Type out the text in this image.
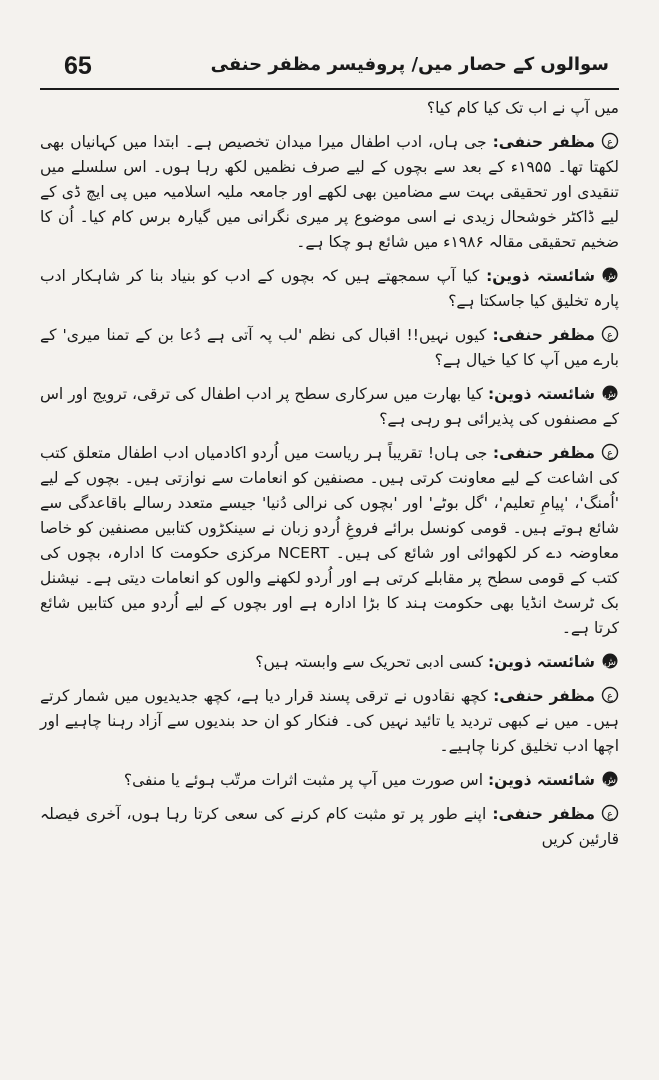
65	سوالوں کے حصار میں/ پروفیسر مظفر حنفی

میں آپ نے اب تک کیا کام کیا؟

ع
مظفر حنفی: جی ہاں، ادب اطفال میرا میدان تخصیص ہے۔ ابتدا میں کہانیاں بھی لکھتا تھا۔ ۱۹۵۵ء کے بعد سے بچوں کے لیے صرف نظمیں لکھ رہا ہوں۔ اس سلسلے میں تنقیدی اور تحقیقی بہت سے مضامین بھی لکھے اور جامعہ ملیہ اسلامیہ میں پی ایچ ڈی کے لیے ڈاکٹر خوشحال زیدی نے اسی موضوع پر میری نگرانی میں گیارہ برس کام کیا۔ اُن کا ضخیم تحقیقی مقالہ ۱۹۸۶ء میں شائع ہو چکا ہے۔

ش
شائستہ ذوین: کیا آپ سمجھتے ہیں کہ بچوں کے ادب کو بنیاد بنا کر شاہکار ادب پارہ تخلیق کیا جاسکتا ہے؟

ع
مظفر حنفی: کیوں نہیں!! اقبال کی نظم 'لب پہ آتی ہے دُعا بن کے تمنا میری' کے بارے میں آپ کا کیا خیال ہے؟

ش
شائستہ ذوین: کیا بھارت میں سرکاری سطح پر ادب اطفال کی ترقی، ترویج اور اس کے مصنفوں کی پذیرائی ہو رہی ہے؟

ع
مظفر حنفی: جی ہاں! تقریباً ہر ریاست میں اُردو اکادمیاں ادب اطفال متعلق کتب کی اشاعت کے لیے معاونت کرتی ہیں۔ مصنفین کو انعامات سے نوازتی ہیں۔ بچوں کے لیے 'اُمنگ'، 'پیامِ تعلیم'، 'گل بوٹے' اور 'بچوں کی نرالی دُنیا' جیسے متعدد رسالے باقاعدگی سے شائع ہوتے ہیں۔ قومی کونسل برائے فروغِ اُردو زبان نے سینکڑوں کتابیں مصنفین کو خاصا معاوضہ دے کر لکھوائی اور شائع کی ہیں۔ NCERT مرکزی حکومت کا ادارہ، بچوں کی کتب کے قومی سطح پر مقابلے کرتی ہے اور اُردو لکھنے والوں کو انعامات دیتی ہے۔ نیشنل بک ٹرسٹ انڈیا بھی حکومت ہند کا بڑا ادارہ ہے اور بچوں کے لیے اُردو میں کتابیں شائع کرتا ہے۔

ش
شائستہ ذوین: کسی ادبی تحریک سے وابستہ ہیں؟

ع
مظفر حنفی: کچھ نقادوں نے ترقی پسند قرار دیا ہے، کچھ جدیدیوں میں شمار کرتے ہیں۔ میں نے کبھی تردید یا تائید نہیں کی۔ فنکار کو ان حد بندیوں سے آزاد رہنا چاہیے اور اچھا ادب تخلیق کرنا چاہیے۔

ش
شائستہ ذوین: اس صورت میں آپ پر مثبت اثرات مرتّب ہوئے یا منفی؟

ع
مظفر حنفی: اپنے طور پر تو مثبت کام کرنے کی سعی کرتا رہا ہوں، آخری فیصلہ قارئین کریں
